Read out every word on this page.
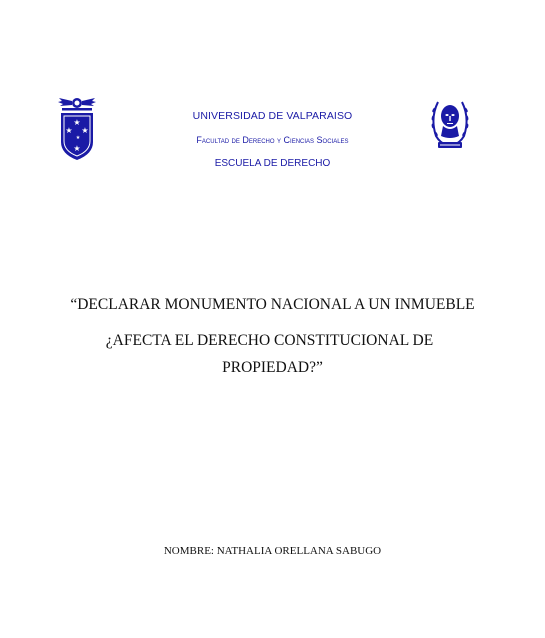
★
★ ★
★
★
UNIVERSIDAD DE VALPARAISO
Facultad de Derecho y Ciencias Sociales
ESCUELA DE DERECHO
“DECLARAR MONUMENTO NACIONAL A UN INMUEBLE
¿AFECTA EL DERECHO CONSTITUCIONAL DE
PROPIEDAD?”
NOMBRE: NATHALIA ORELLANA SABUGO
